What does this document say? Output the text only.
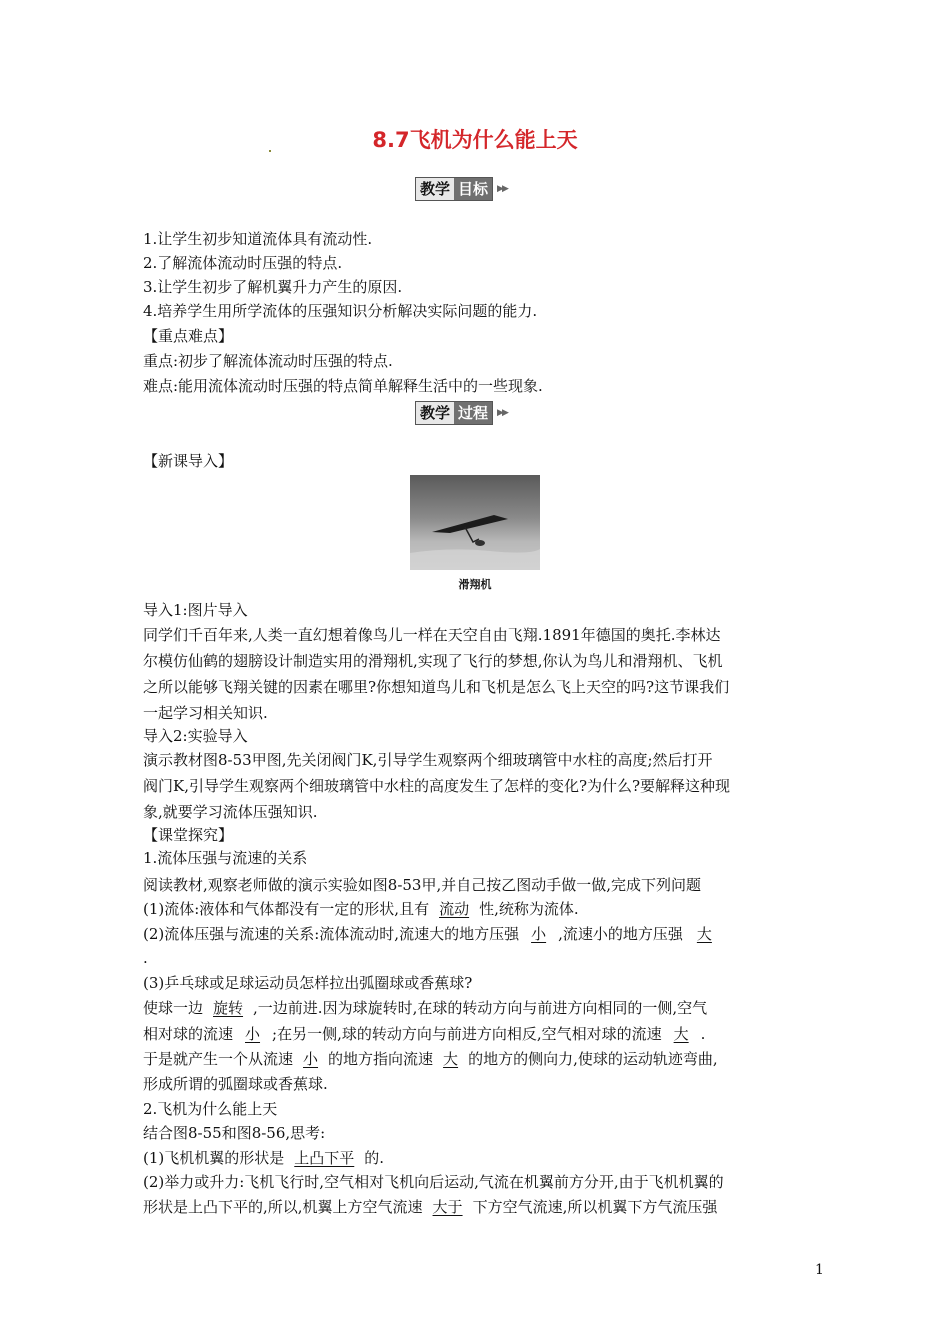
8.7飞机为什么能上天
教学 目标	▶▶
1.让学生初步知道流体具有流动性.
2.了解流体流动时压强的特点.
3.让学生初步了解机翼升力产生的原因.
4.培养学生用所学流体的压强知识分析解决实际问题的能力.
【重点难点】
重点:初步了解流体流动时压强的特点.
难点:能用流体流动时压强的特点简单解释生活中的一些现象.
教学 过程	▶▶
【新课导入】
滑翔机
导入1:图片导入
同学们千百年来,人类一直幻想着像鸟儿一样在天空自由飞翔.1891年德国的奥托.李林达
尔模仿仙鹤的翅膀设计制造实用的滑翔机,实现了飞行的梦想,你认为鸟儿和滑翔机、飞机
之所以能够飞翔关键的因素在哪里?你想知道鸟儿和飞机是怎么飞上天空的吗?这节课我们
一起学习相关知识.
导入2:实验导入
演示教材图8-53甲图,先关闭阀门K,引导学生观察两个细玻璃管中水柱的高度;然后打开
阀门K,引导学生观察两个细玻璃管中水柱的高度发生了怎样的变化?为什么?要解释这种现
象,就要学习流体压强知识.
【课堂探究】
1.流体压强与流速的关系
阅读教材,观察老师做的演示实验如图8-53甲,并自己按乙图动手做一做,完成下列问题
(1)流体:液体和气体都没有一定的形状,且有 流动 性,统称为流体.
(2)流体压强与流速的关系:流体流动时,流速大的地方压强 小 ,流速小的地方压强 大
.
(3)乒乓球或足球运动员怎样拉出弧圈球或香蕉球?
使球一边 旋转 ,一边前进.因为球旋转时,在球的转动方向与前进方向相同的一侧,空气
相对球的流速 小 ;在另一侧,球的转动方向与前进方向相反,空气相对球的流速 大 .
于是就产生一个从流速 小 的地方指向流速 大 的地方的侧向力,使球的运动轨迹弯曲,
形成所谓的弧圈球或香蕉球.
2.飞机为什么能上天
结合图8-55和图8-56,思考:
(1)飞机机翼的形状是 上凸下平 的.
(2)举力或升力:飞机飞行时,空气相对飞机向后运动,气流在机翼前方分开,由于飞机机翼的
形状是上凸下平的,所以,机翼上方空气流速 大于 下方空气流速,所以机翼下方气流压强
1
